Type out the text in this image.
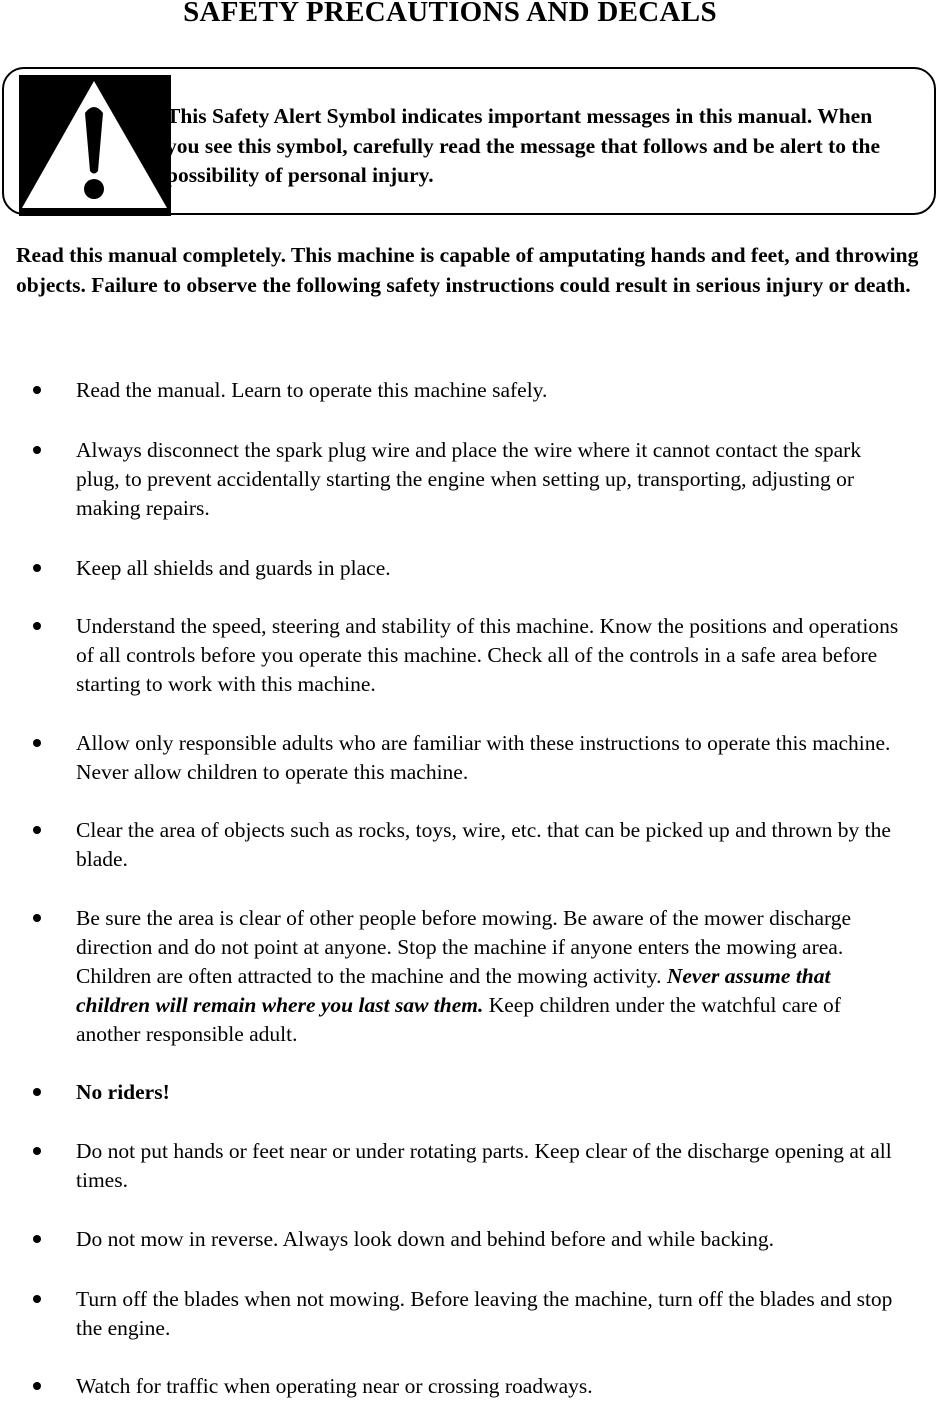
SAFETY PRECAUTIONS AND DECALS

This Safety Alert Symbol indicates important messages in this manual. When you see this symbol, carefully read the message that follows and be alert to the possibility of personal injury.

Read this manual completely. This machine is capable of amputating hands and feet, and throwing objects. Failure to observe the following safety instructions could result in serious injury or death.

Read the manual. Learn to operate this machine safely.

Always disconnect the spark plug wire and place the wire where it cannot contact the spark plug, to prevent accidentally starting the engine when setting up, transporting, adjusting or making repairs.

Keep all shields and guards in place.

Understand the speed, steering and stability of this machine. Know the positions and operations of all controls before you operate this machine. Check all of the controls in a safe area before starting to work with this machine.

Allow only responsible adults who are familiar with these instructions to operate this machine. Never allow children to operate this machine.

Clear the area of objects such as rocks, toys, wire, etc. that can be picked up and thrown by the blade.

Be sure the area is clear of other people before mowing. Be aware of the mower discharge direction and do not point at anyone. Stop the machine if anyone enters the mowing area. Children are often attracted to the machine and the mowing activity. Never assume that children will remain where you last saw them. Keep children under the watchful care of another responsible adult.

No riders!

Do not put hands or feet near or under rotating parts. Keep clear of the discharge opening at all times.

Do not mow in reverse. Always look down and behind before and while backing.

Turn off the blades when not mowing. Before leaving the machine, turn off the blades and stop the engine.

Watch for traffic when operating near or crossing roadways.
